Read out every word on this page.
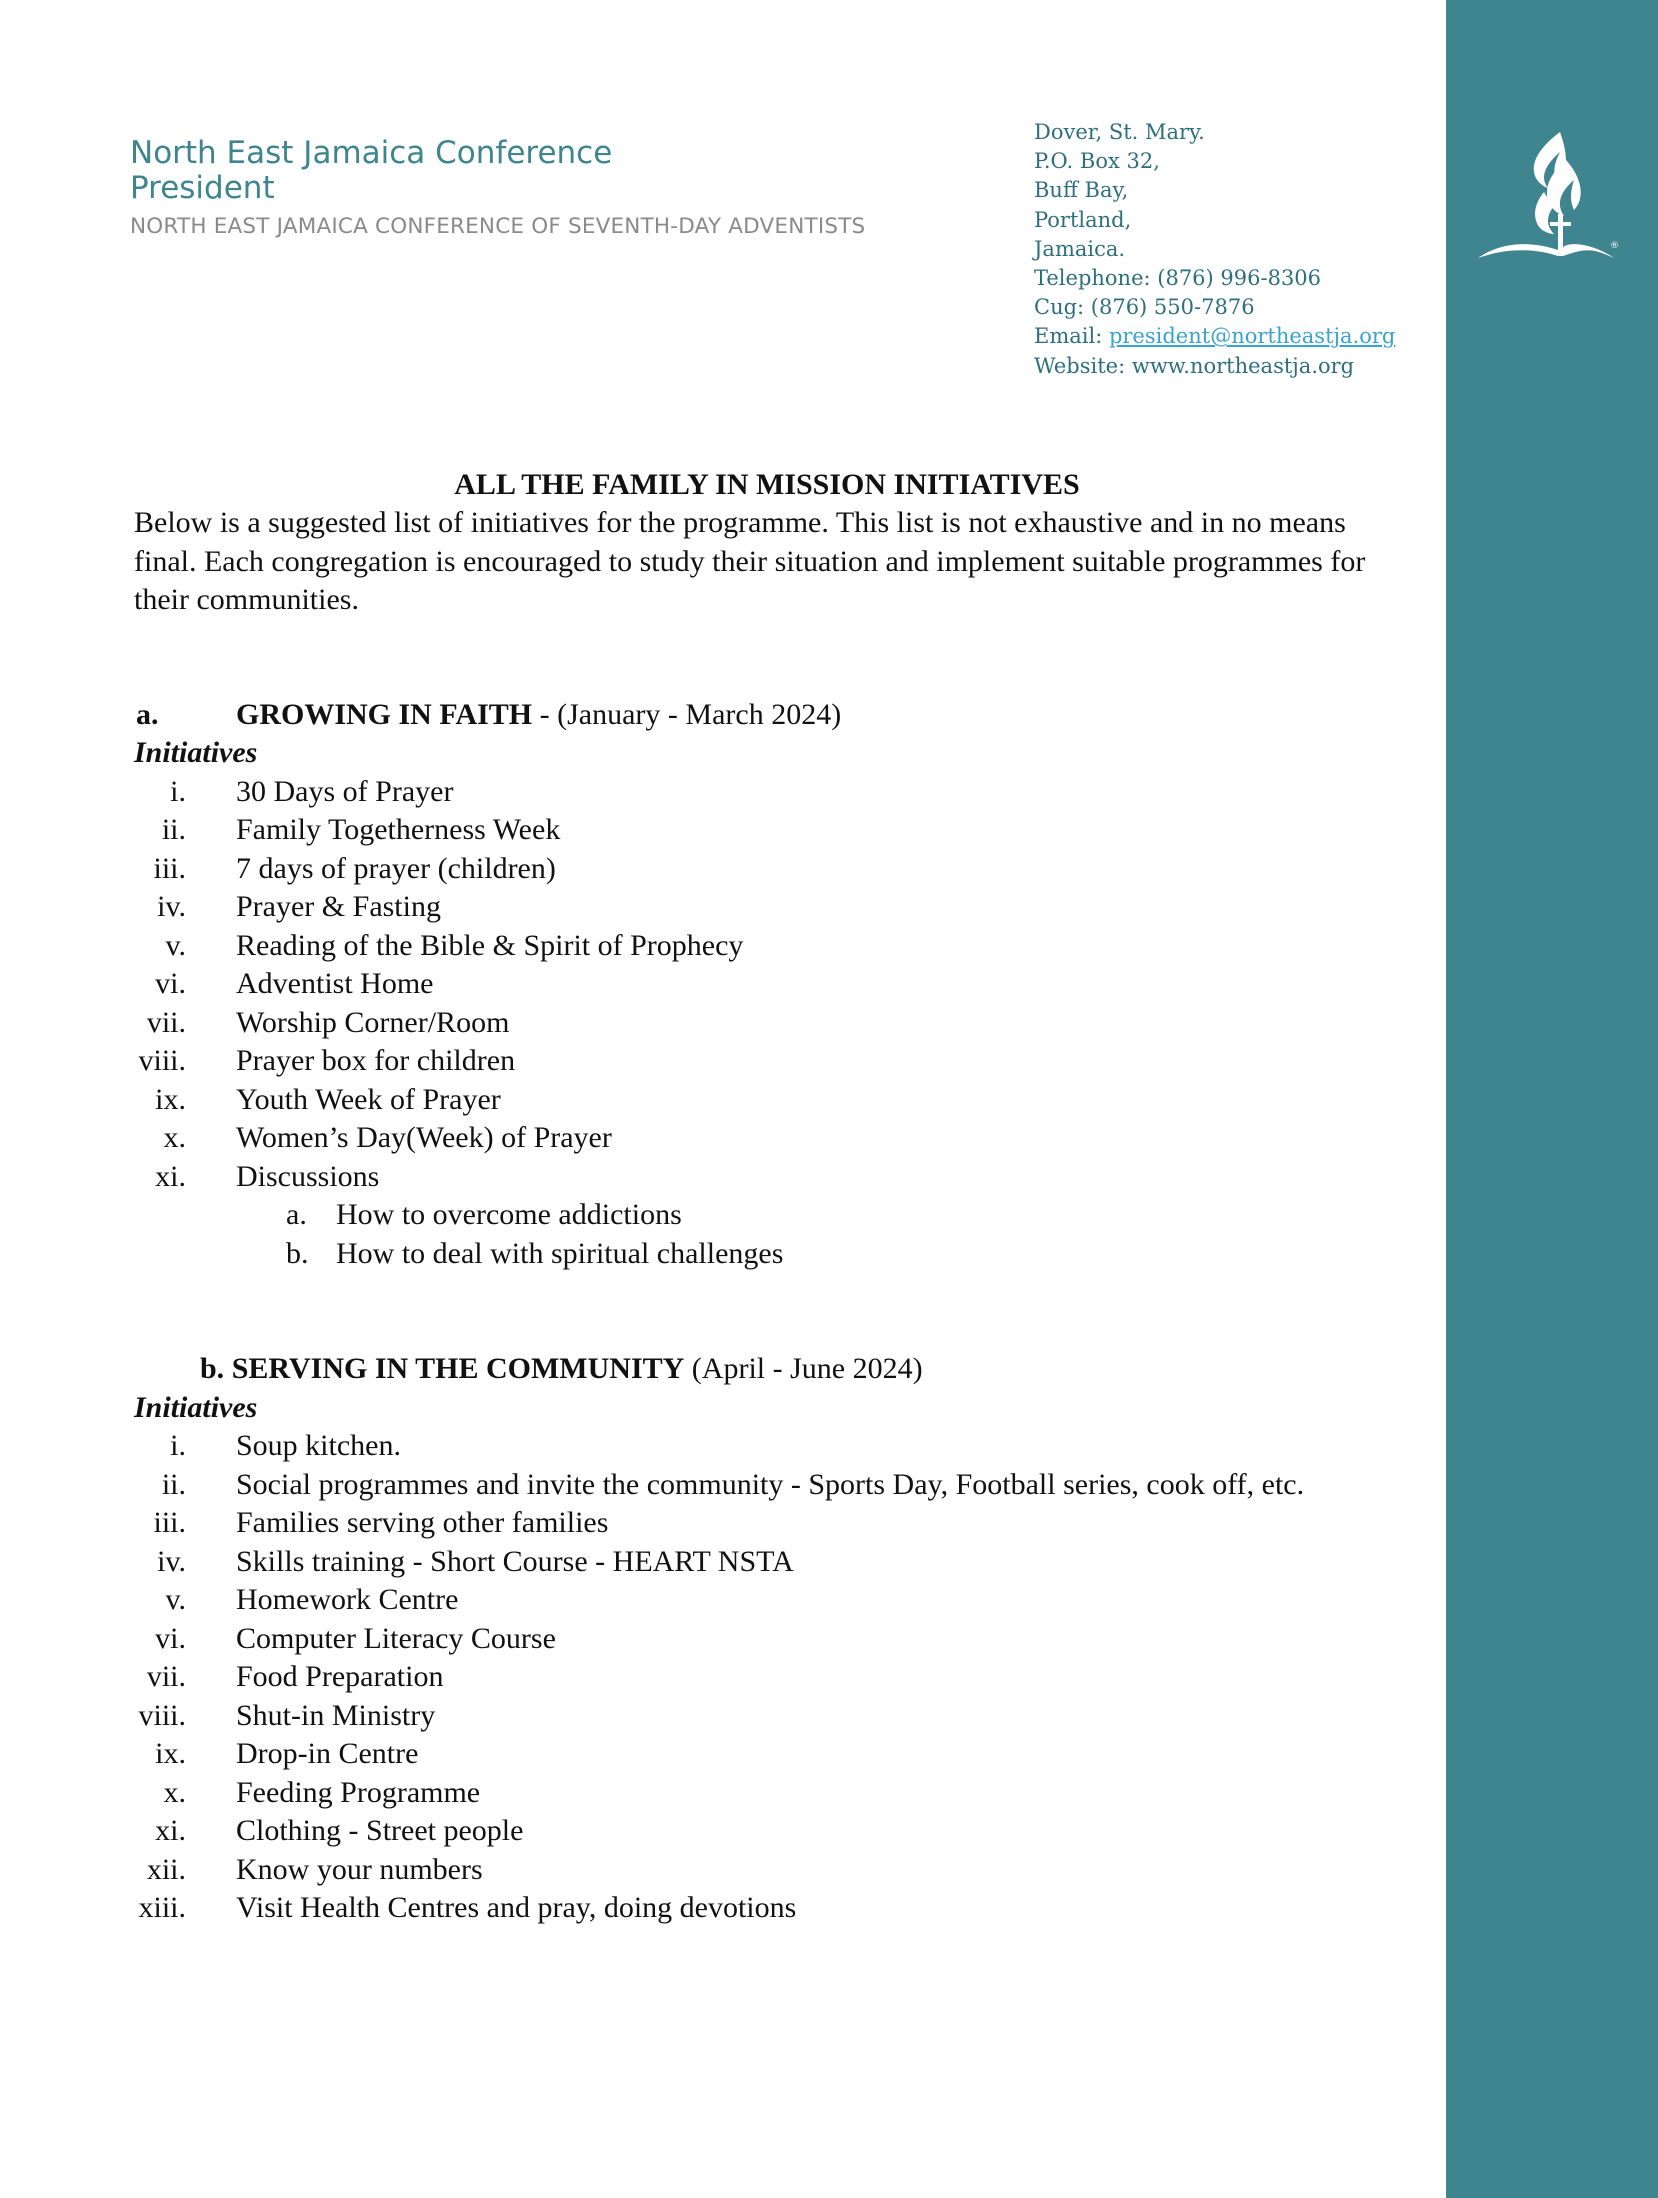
®
North East Jamaica Conference
President
NORTH EAST JAMAICA CONFERENCE OF SEVENTH-DAY ADVENTISTS
Dover, St. Mary.
P.O. Box 32,
Buff Bay,
Portland,
Jamaica.
Telephone: (876) 996-8306
Cug: (876) 550-7876
Email: president@northeastja.org
Website: www.northeastja.org
ALL THE FAMILY IN MISSION INITIATIVES
Below is a suggested list of initiatives for the programme. This list is not exhaustive and in no means final. Each congregation is encouraged to study their situation and implement suitable programmes for their communities.
a.	GROWING IN FAITH - (January - March 2024)
Initiatives
i. 30 Days of Prayer
ii. Family Togetherness Week
iii. 7 days of prayer (children)
iv. Prayer & Fasting
v. Reading of the Bible & Spirit of Prophecy
vi. Adventist Home
vii. Worship Corner/Room
viii. Prayer box for children
ix. Youth Week of Prayer
x. Women’s Day(Week) of Prayer
xi. Discussions
a. How to overcome addictions
b. How to deal with spiritual challenges
b. SERVING IN THE COMMUNITY (April - June 2024)
Initiatives
i. Soup kitchen.
ii. Social programmes and invite the community - Sports Day, Football series, cook off, etc.
iii. Families serving other families
iv. Skills training - Short Course - HEART NSTA
v. Homework Centre
vi. Computer Literacy Course
vii. Food Preparation
viii. Shut-in Ministry
ix. Drop-in Centre
x. Feeding Programme
xi. Clothing - Street people
xii. Know your numbers
xiii. Visit Health Centres and pray, doing devotions
